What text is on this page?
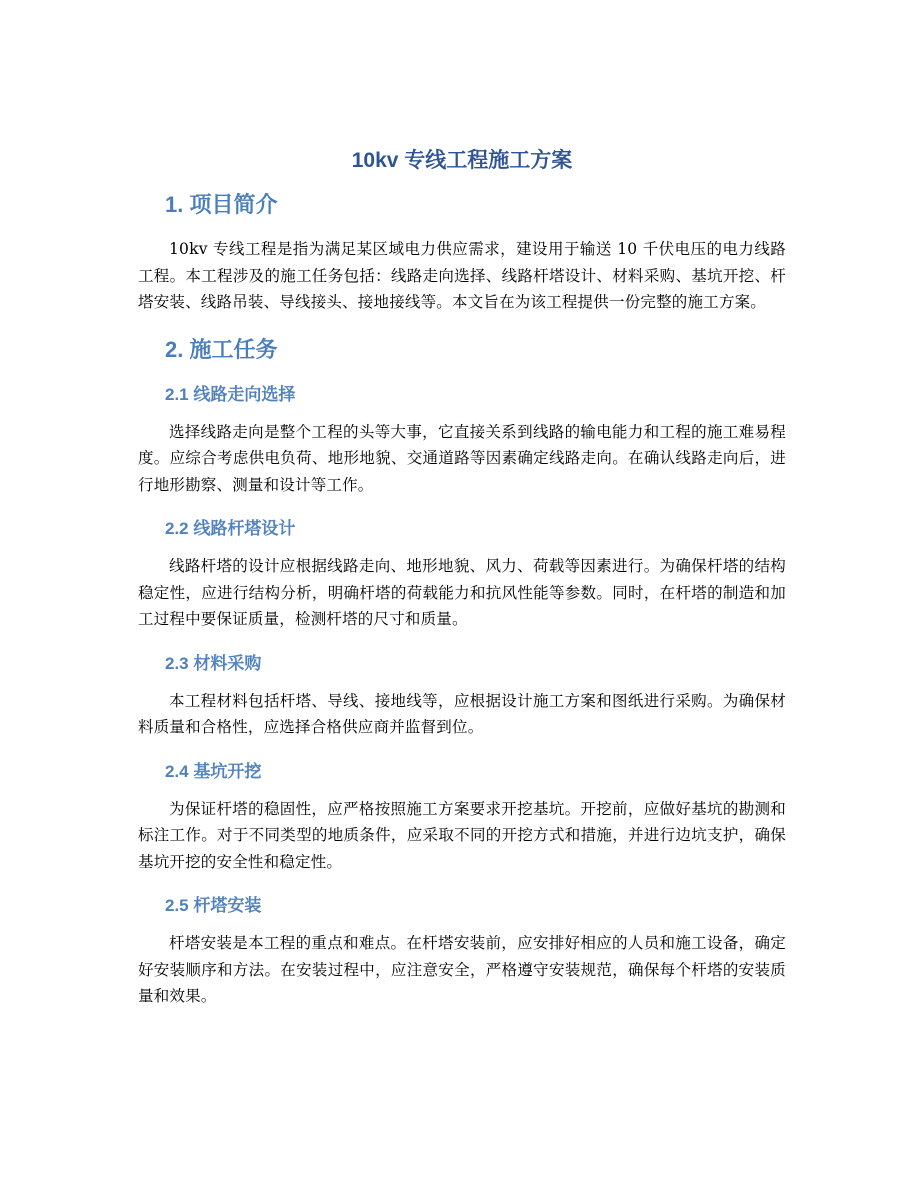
10kv 专线工程施工方案
1. 项目简介

10kv 专线工程是指为满足某区域电力供应需求，建设用于输送 10 千伏电压的电力线路工程。本工程涉及的施工任务包括：线路走向选择、线路杆塔设计、材料采购、基坑开挖、杆塔安装、线路吊装、导线接头、接地接线等。本文旨在为该工程提供一份完整的施工方案。

2. 施工任务
2.1 线路走向选择

选择线路走向是整个工程的头等大事，它直接关系到线路的输电能力和工程的施工难易程度。应综合考虑供电负荷、地形地貌、交通道路等因素确定线路走向。在确认线路走向后，进行地形勘察、测量和设计等工作。

2.2 线路杆塔设计

线路杆塔的设计应根据线路走向、地形地貌、风力、荷载等因素进行。为确保杆塔的结构稳定性，应进行结构分析，明确杆塔的荷载能力和抗风性能等参数。同时，在杆塔的制造和加工过程中要保证质量，检测杆塔的尺寸和质量。

2.3 材料采购

本工程材料包括杆塔、导线、接地线等，应根据设计施工方案和图纸进行采购。为确保材料质量和合格性，应选择合格供应商并监督到位。

2.4 基坑开挖

为保证杆塔的稳固性，应严格按照施工方案要求开挖基坑。开挖前，应做好基坑的勘测和标注工作。对于不同类型的地质条件，应采取不同的开挖方式和措施，并进行边坑支护，确保基坑开挖的安全性和稳定性。

2.5 杆塔安装

杆塔安装是本工程的重点和难点。在杆塔安装前，应安排好相应的人员和施工设备，确定好安装顺序和方法。在安装过程中，应注意安全，严格遵守安装规范，确保每个杆塔的安装质量和效果。
